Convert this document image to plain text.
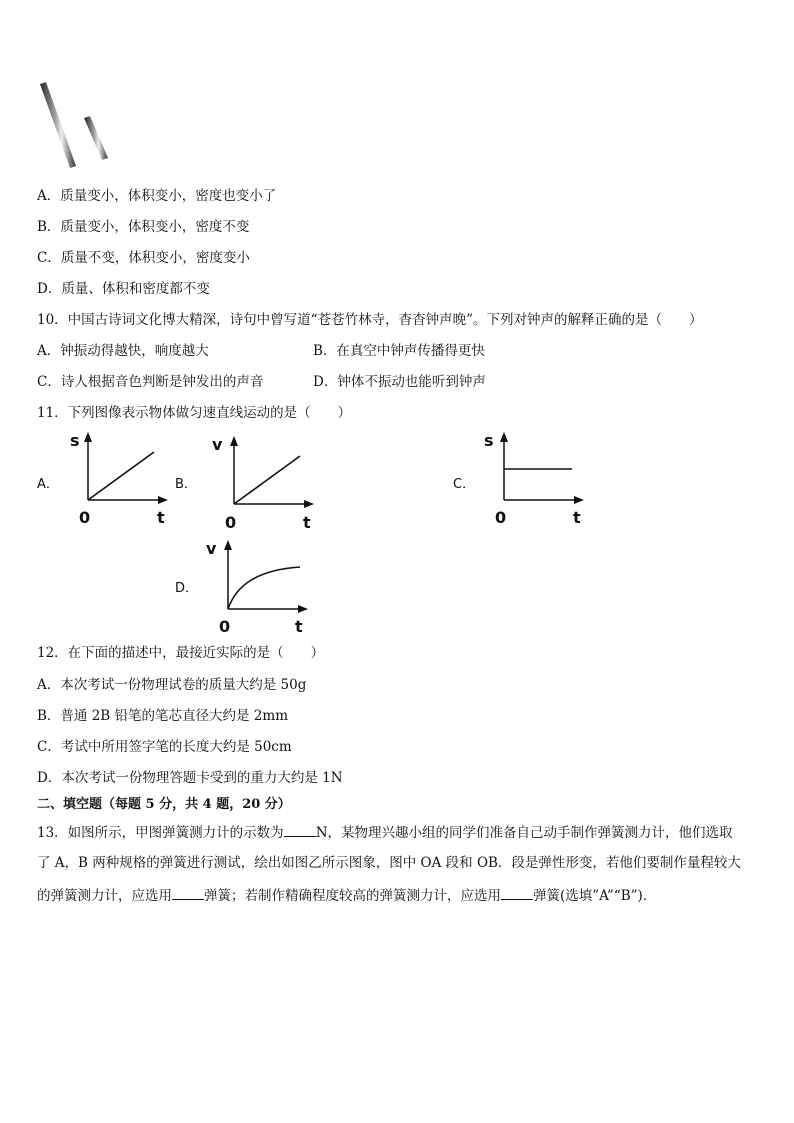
A．质量变小，体积变小，密度也变小了
B．质量变小，体积变小，密度不变
C．质量不变，体积变小，密度变小
D．质量、体积和密度都不变
10．中国古诗词文化博大精深，诗句中曾写道“苍苍竹林寺，杳杳钟声晚”。下列对钟声的解释正确的是（　　）
A．钟振动得越快，响度越大	B．在真空中钟声传播得更快
C．诗人根据音色判断是钟发出的声音	D．钟体不振动也能听到钟声
11．下列图像表示物体做匀速直线运动的是（　　）
A．
s
0	t
B．
v
0	t
C．
s
0	t
D．
v
0	t
12．在下面的描述中，最接近实际的是（　　）
A．本次考试一份物理试卷的质量大约是 50g
B．普通 2B 铅笔的笔芯直径大约是 2mm
C．考试中所用签字笔的长度大约是 50cm
D．本次考试一份物理答题卡受到的重力大约是 1N
二、填空题（每题 5 分，共 4 题，20 分）
13．如图所示，甲图弹簧测力计的示数为 N，某物理兴趣小组的同学们准备自己动手制作弹簧测力计，他们选取
了 A，B 两种规格的弹簧进行测试，绘出如图乙所示图象，图中 OA 段和 OB．段是弹性形变，若他们要制作量程较大
的弹簧测力计，应选用 弹簧；若制作精确程度较高的弹簧测力计，应选用 弹簧(选填”A”“B”)．
